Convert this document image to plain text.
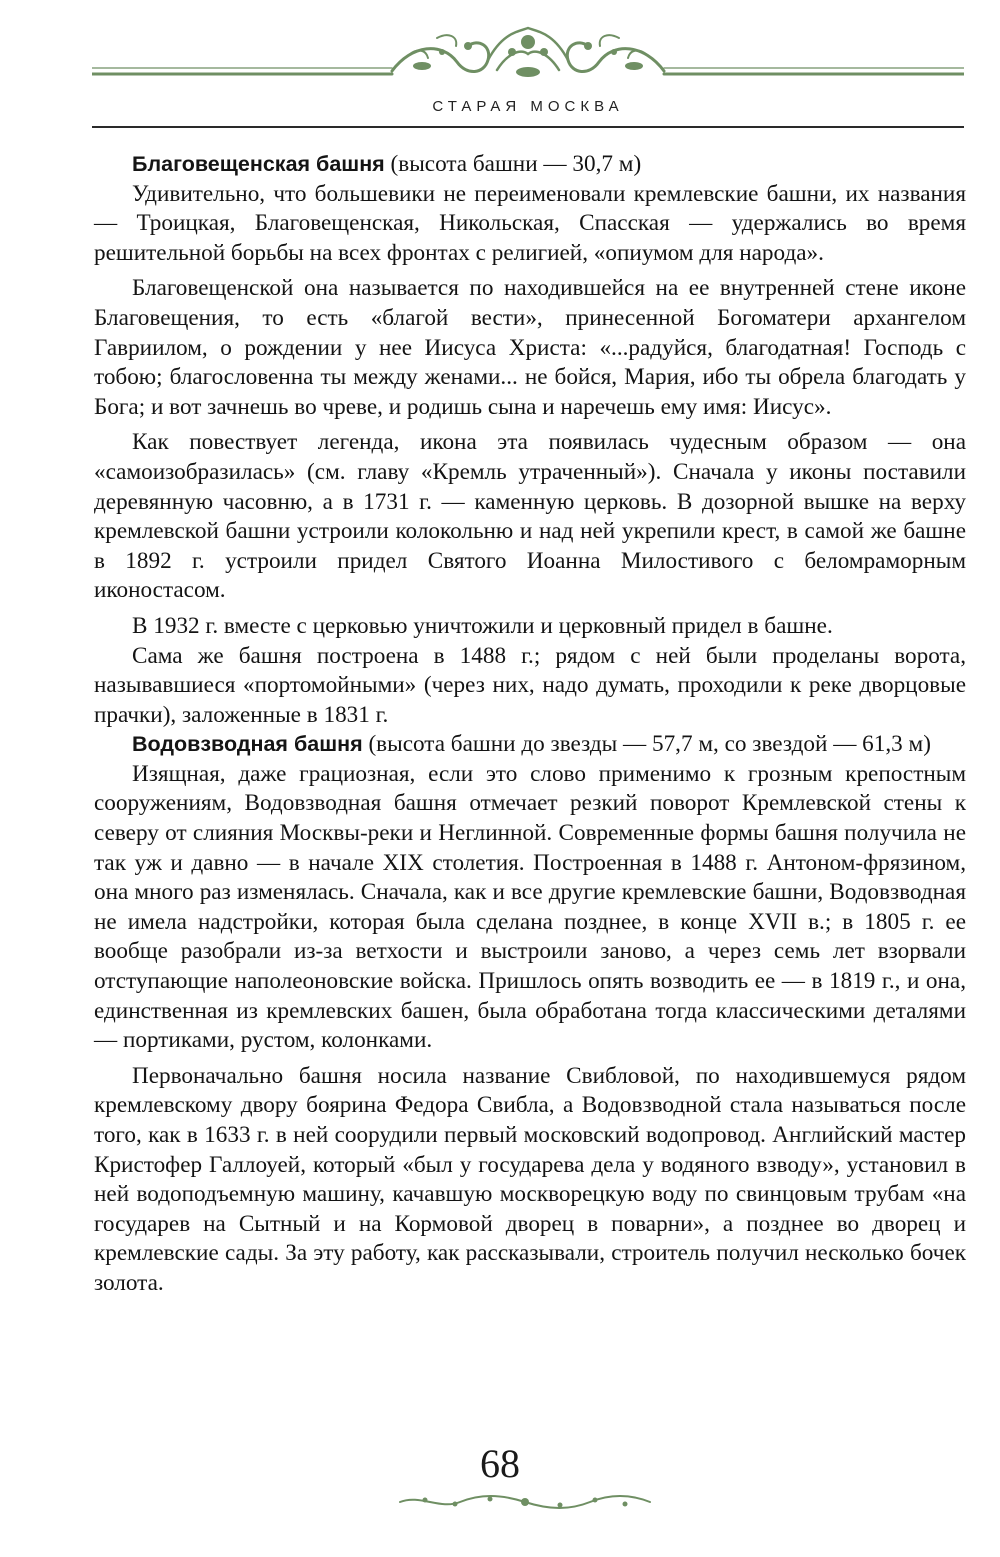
СТАРАЯ МОСКВА

Благовещенская башня (высота башни — 30,7 м)

Удивительно, что большевики не переименовали кремлевские башни, их названия — Троицкая, Благовещенская, Никольская, Спасская — удержались во время решительной борьбы на всех фронтах с религией, «опиумом для народа».

Благовещенской она называется по находившейся на ее внутренней стене иконе Благовещения, то есть «благой вести», принесенной Богоматери архангелом Гавриилом, о рождении у нее Иисуса Христа: «...радуйся, благодатная! Господь с тобою; благословенна ты между женами... не бойся, Мария, ибо ты обрела благодать у Бога; и вот зачнешь во чреве, и родишь сына и наречешь ему имя: Иисус».

Как повествует легенда, икона эта появилась чудесным образом — она «самоизобразилась» (см. главу «Кремль утраченный»). Сначала у иконы поставили деревянную часовню, а в 1731 г. — каменную церковь. В дозорной вышке на верху кремлевской башни устроили колокольню и над ней укрепили крест, в самой же башне в 1892 г. устроили придел Святого Иоанна Милостивого с беломраморным иконостасом.

В 1932 г. вместе с церковью уничтожили и церковный придел в башне.

Сама же башня построена в 1488 г.; рядом с ней были проделаны ворота, называвшиеся «портомойными» (через них, надо думать, проходили к реке дворцовые прачки), заложенные в 1831 г.

Водовзводная башня (высота башни до звезды — 57,7 м, со звездой — 61,3 м)

Изящная, даже грациозная, если это слово применимо к грозным крепостным сооружениям, Водовзводная башня отмечает резкий поворот Кремлевской стены к северу от слияния Москвы-реки и Неглинной. Современные формы башня получила не так уж и давно — в начале XIX столетия. Построенная в 1488 г. Антоном-фрязином, она много раз изменялась. Сначала, как и все другие кремлевские башни, Водовзводная не имела надстройки, которая была сделана позднее, в конце XVII в.; в 1805 г. ее вообще разобрали из-за ветхости и выстроили заново, а через семь лет взорвали отступающие наполеоновские войска. Пришлось опять возводить ее — в 1819 г., и она, единственная из кремлевских башен, была обработана тогда классическими деталями — портиками, рустом, колонками.

Первоначально башня носила название Свибловой, по находившемуся рядом кремлевскому двору боярина Федора Свибла, а Водовзводной стала называться после того, как в 1633 г. в ней соорудили первый московский водопровод. Английский мастер Кристофер Галлоуей, который «был у государева дела у водяного взводу», установил в ней водоподъемную машину, качавшую москворецкую воду по свинцовым трубам «на государев на Сытный и на Кормовой дворец в поварни», а позднее во дворец и кремлевские сады. За эту работу, как рассказывали, строитель получил несколько бочек золота.

68
